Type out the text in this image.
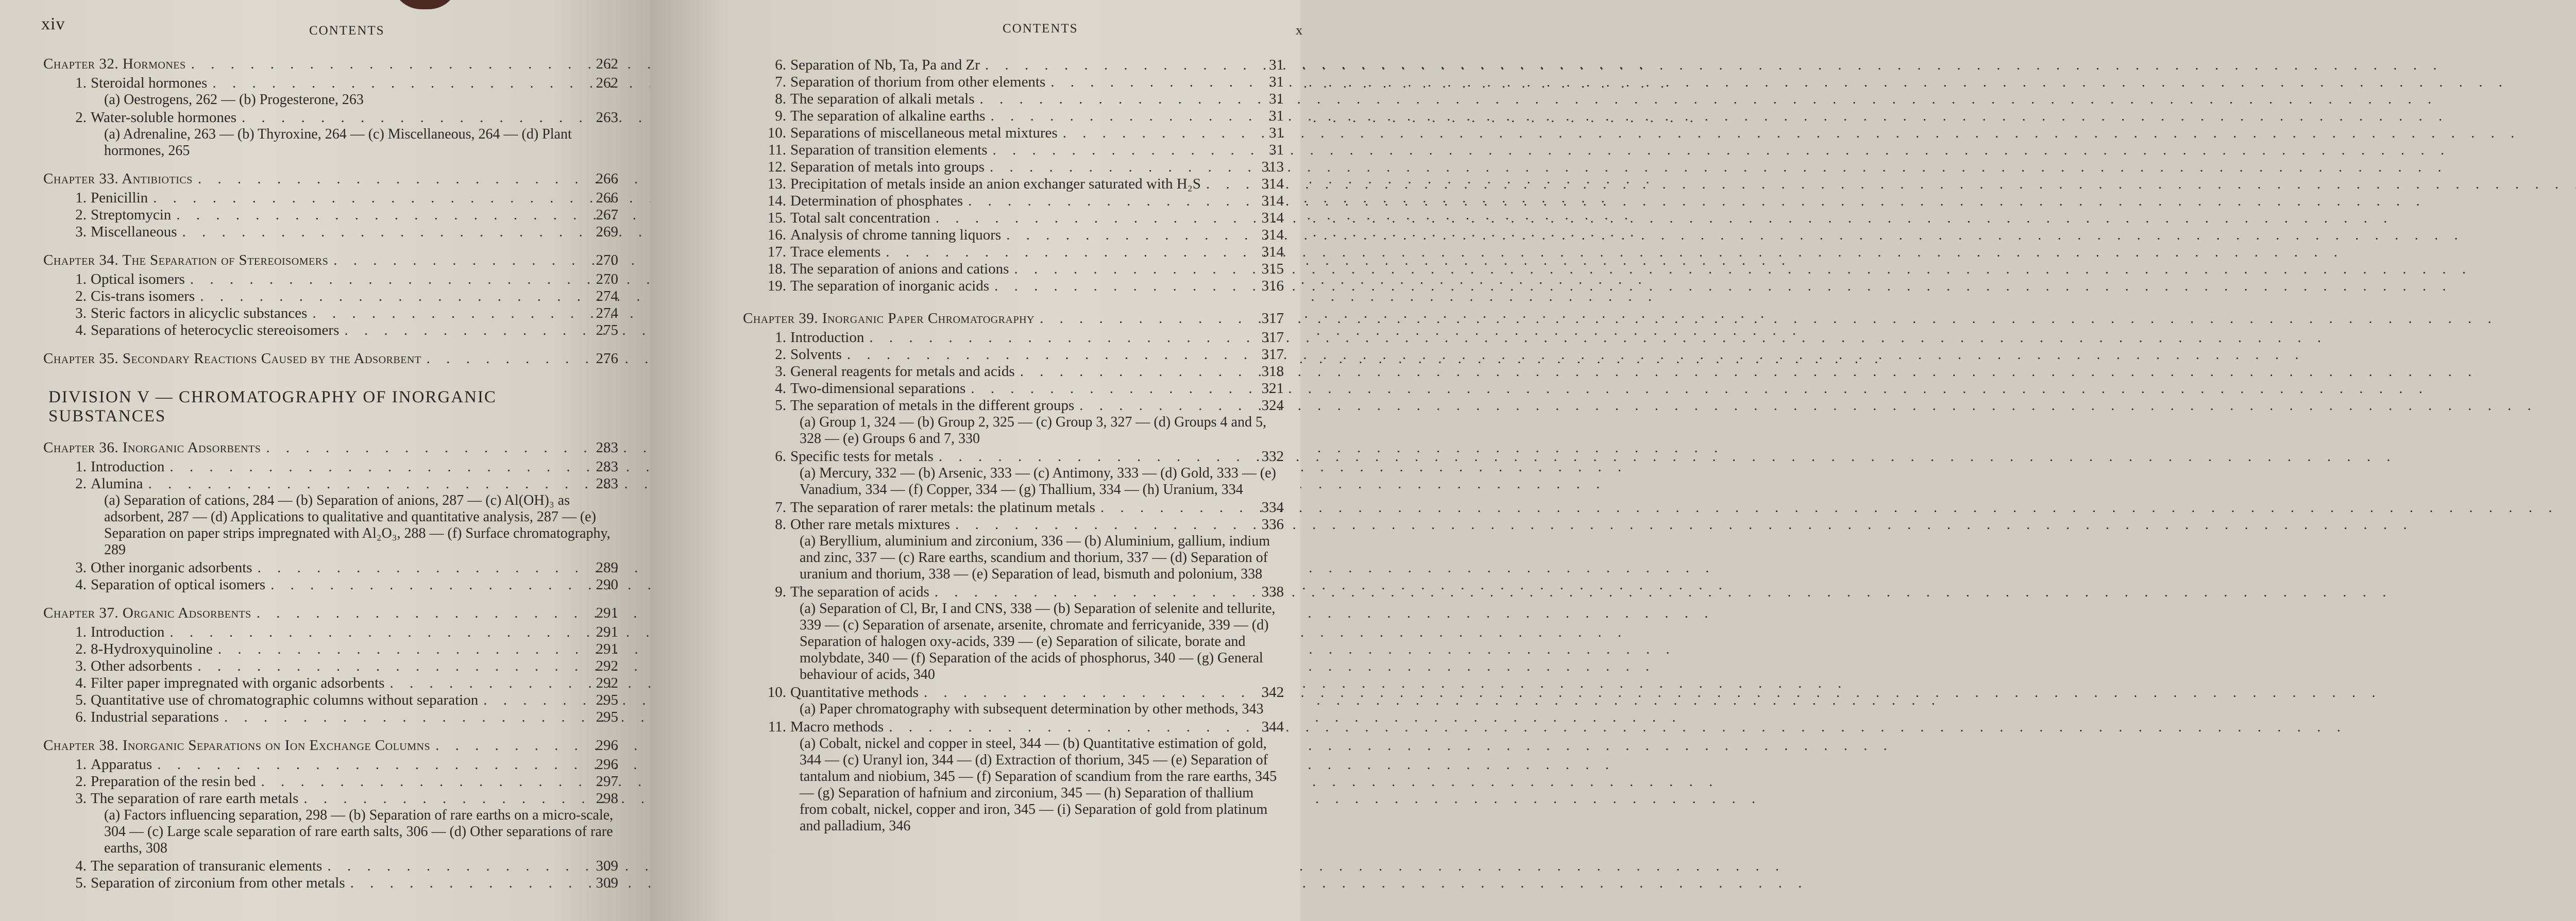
xiv	CONTENTS
Chapter 32. Hormones . . .	262
1. Steroidal hormones . . .	262
(a) Oestrogens, 262 — (b) Progesterone, 263
2. Water-soluble hormones . . .	263
(a) Adrenaline, 263 — (b) Thyroxine, 264 — (c) Miscellaneous, 264 — (d) Plant hormones, 265
Chapter 33. Antibiotics . . .	266
1. Penicillin . . .	266
2. Streptomycin . . .	267
3. Miscellaneous . . .	269
Chapter 34. The Separation of Stereoisomers . . .	270
1. Optical isomers . . .	270
2. Cis-trans isomers . . .	274
3. Steric factors in alicyclic substances . . .	274
4. Separations of heterocyclic stereoisomers . . .	275
Chapter 35. Secondary Reactions Caused by the Adsorbent . . .	276
DIVISION V — CHROMATOGRAPHY OF INORGANIC SUBSTANCES
Chapter 36. Inorganic Adsorbents . . .	283
1. Introduction . . .	283
2. Alumina . . .	283
(a) Separation of cations, 284 — (b) Separation of anions, 287 — (c) Al(OH)₃ as adsorbent, 287 — (d) Applications to qualitative and quantitative analysis, 287 — (e) Separation on paper strips impregnated with Al₂O₃, 288 — (f) Surface chromatography, 289
3. Other inorganic adsorbents . . .	289
4. Separation of optical isomers . . .	290
Chapter 37. Organic Adsorbents . . .	291
1. Introduction . . .	291
2. 8-Hydroxyquinoline . . .	291
3. Other adsorbents . . .	292
4. Filter paper impregnated with organic adsorbents . . .	292
5. Quantitative use of chromatographic columns without separation . . .	295
6. Industrial separations . . .	295
Chapter 38. Inorganic Separations on Ion Exchange Columns . . .	296
1. Apparatus . . .	296
2. Preparation of the resin bed . . .	297
3. The separation of rare earth metals . . .	298
(a) Factors influencing separation, 298 — (b) Separation of rare earths on a micro-scale, 304 — (c) Large scale separation of rare earth salts, 306 — (d) Other separations of rare earths, 308
4. The separation of transuranic elements . . .	309
5. Separation of zirconium from other metals . . .	309
CONTENTS	x
6. Separation of Nb, Ta, Pa and Zr . . .	31
7. Separation of thorium from other elements . . .	31
8. The separation of alkali metals . . .	31
9. The separation of alkaline earths . . .	31
10. Separations of miscellaneous metal mixtures . . .	31
11. Separation of transition elements . . .	31
12. Separation of metals into groups . . .	313
13. Precipitation of metals inside an anion exchanger saturated with H₂S . . .	314
14. Determination of phosphates . . .	314
15. Total salt concentration . . .	314
16. Analysis of chrome tanning liquors . . .	314
17. Trace elements . . .	314
18. The separation of anions and cations . . .	315
19. The separation of inorganic acids . . .	316
Chapter 39. Inorganic Paper Chromatography . . .	317
1. Introduction . . .	317
2. Solvents . . .	317
3. General reagents for metals and acids . . .	318
4. Two-dimensional separations . . .	321
5. The separation of metals in the different groups . . .	324
(a) Group 1, 324 — (b) Group 2, 325 — (c) Group 3, 327 — (d) Groups 4 and 5, 328 — (e) Groups 6 and 7, 330
6. Specific tests for metals . . .	332
(a) Mercury, 332 — (b) Arsenic, 333 — (c) Antimony, 333 — (d) Gold, 333 — (e) Vanadium, 334 — (f) Copper, 334 — (g) Thallium, 334 — (h) Uranium, 334
7. The separation of rarer metals: the platinum metals . . .	334
8. Other rare metals mixtures . . .	336
(a) Beryllium, aluminium and zirconium, 336 — (b) Aluminium, gallium, indium and zinc, 337 — (c) Rare earths, scandium and thorium, 337 — (d) Separation of uranium and thorium, 338 — (e) Separation of lead, bismuth and polonium, 338
9. The separation of acids . . .	338
(a) Separation of Cl, Br, I and CNS, 338 — (b) Separation of selenite and tellurite, 339 — (c) Separation of arsenate, arsenite, chromate and ferricyanide, 339 — (d) Separation of halogen oxy-acids, 339 — (e) Separation of silicate, borate and molybdate, 340 — (f) Separation of the acids of phosphorus, 340 — (g) General behaviour of acids, 340
10. Quantitative methods . . .	342
(a) Paper chromatography with subsequent determination by other methods, 343
11. Macro methods . . .	344
(a) Cobalt, nickel and copper in steel, 344 — (b) Quantitative estimation of gold, 344 — (c) Uranyl ion, 344 — (d) Extraction of thorium, 345 — (e) Separation of tantalum and niobium, 345 — (f) Separation of scandium from the rare earths, 345 — (g) Separation of hafnium and zirconium, 345 — (h) Separation of thallium from cobalt, nickel, copper and iron, 345 — (i) Separation of gold from platinum and palladium, 346
